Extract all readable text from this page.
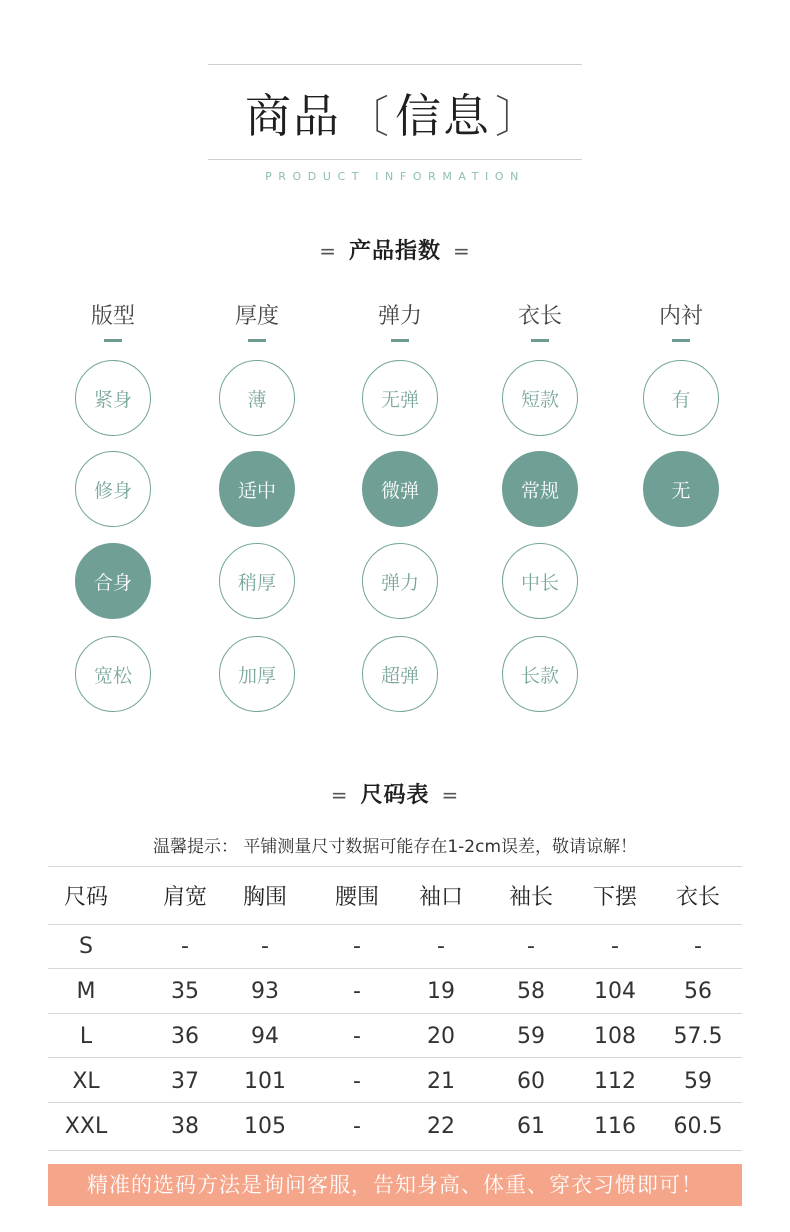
商品〔信息〕
PRODUCT INFORMATION
= 产品指数 =
版型
紧身
修身
合身
宽松
厚度
薄
适中
稍厚
加厚
弹力
无弹
微弹
弹力
超弹
衣长
短款
常规
中长
长款
内衬
有
无
= 尺码表 =
温馨提示： 平铺测量尺寸数据可能存在1-2cm误差，敬请谅解！
尺码	肩宽	胸围	腰围	袖口	袖长	下摆	衣长
S	-	-	-	-	-	-	-
M	35	93	-	19	58	104	56
L	36	94	-	20	59	108	57.5
XL	37	101	-	21	60	112	59
XXL	38	105	-	22	61	116	60.5
精准的选码方法是询问客服，告知身高、体重、穿衣习惯即可！
